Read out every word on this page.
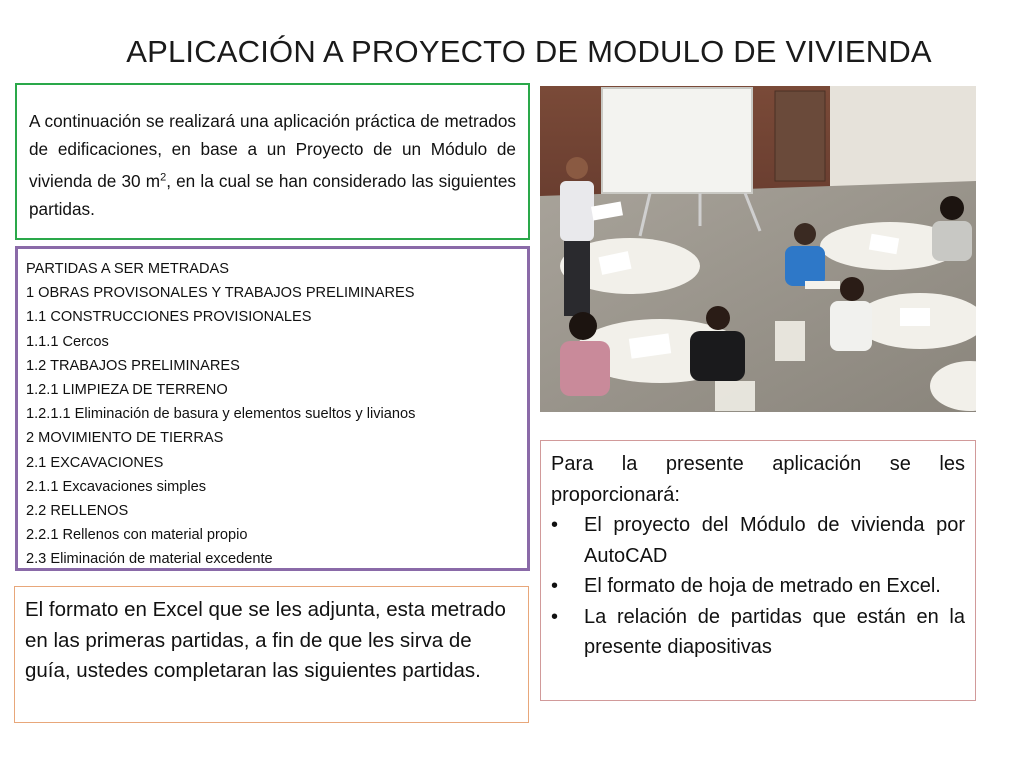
APLICACIÓN A PROYECTO DE MODULO DE VIVIENDA
A continuación se realizará una aplicación práctica de metrados de edificaciones, en base a un Proyecto de un Módulo de vivienda de 30 $m^2$, en la cual se han considerado las siguientes partidas.
PARTIDAS A SER METRADAS
1 OBRAS PROVISONALES Y TRABAJOS PRELIMINARES
1.1 CONSTRUCCIONES PROVISIONALES
1.1.1 Cercos
1.2 TRABAJOS PRELIMINARES
1.2.1 LIMPIEZA DE TERRENO
1.2.1.1 Eliminación de basura y elementos sueltos y livianos
2 MOVIMIENTO DE TIERRAS
2.1 EXCAVACIONES
2.1.1 Excavaciones simples
2.2 RELLENOS
2.2.1 Rellenos con material propio
2.3 Eliminación de material excedente
El formato en Excel que se les adjunta, esta metrado en las primeras partidas, a fin de que les sirva de guía, ustedes completaran las siguientes partidas.
Para la presente aplicación se les proporcionará:
• El proyecto del Módulo de vivienda por AutoCAD
• El formato de hoja de metrado en Excel.
• La relación de partidas que están en la presente diapositivas
